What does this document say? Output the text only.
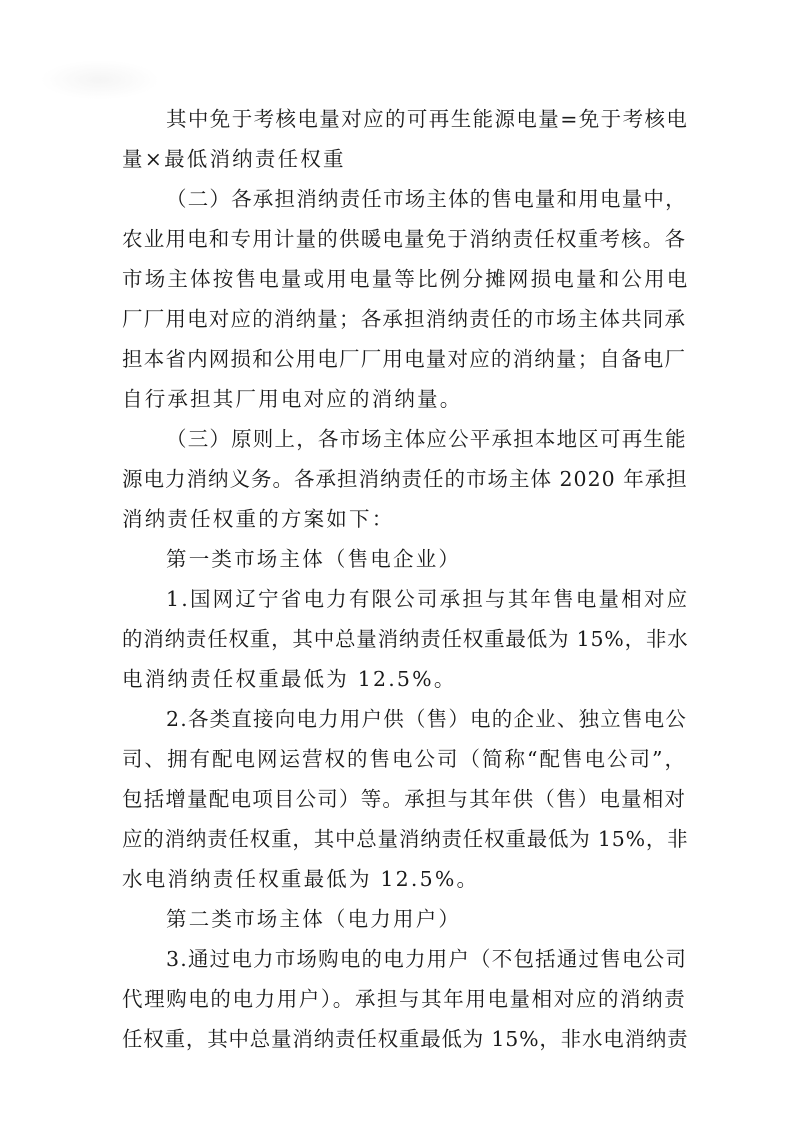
其中免于考核电量对应的可再生能源电量=免于考核电
量×最低消纳责任权重
（二）各承担消纳责任市场主体的售电量和用电量中，
农业用电和专用计量的供暖电量免于消纳责任权重考核。各
市场主体按售电量或用电量等比例分摊网损电量和公用电
厂厂用电对应的消纳量；各承担消纳责任的市场主体共同承
担本省内网损和公用电厂厂用电量对应的消纳量；自备电厂
自行承担其厂用电对应的消纳量。
（三）原则上，各市场主体应公平承担本地区可再生能
源电力消纳义务。各承担消纳责任的市场主体 2020 年承担
消纳责任权重的方案如下：
第一类市场主体（售电企业）
1.国网辽宁省电力有限公司承担与其年售电量相对应
的消纳责任权重，其中总量消纳责任权重最低为 15%，非水
电消纳责任权重最低为 12.5%。
2.各类直接向电力用户供（售）电的企业、独立售电公
司、拥有配电网运营权的售电公司（简称“配售电公司”，
包括增量配电项目公司）等。承担与其年供（售）电量相对
应的消纳责任权重，其中总量消纳责任权重最低为 15%，非
水电消纳责任权重最低为 12.5%。
第二类市场主体（电力用户）
3.通过电力市场购电的电力用户（不包括通过售电公司
代理购电的电力用户）。承担与其年用电量相对应的消纳责
任权重，其中总量消纳责任权重最低为 15%，非水电消纳责
